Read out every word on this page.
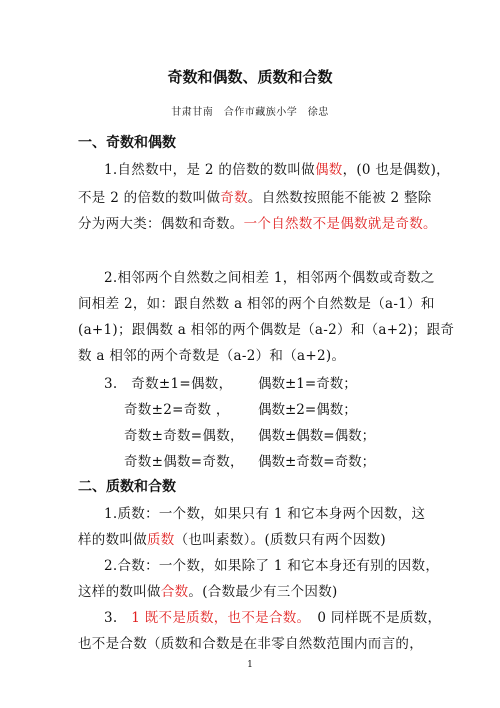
奇数和偶数、质数和合数
甘肃甘南　合作市藏族小学　徐忠
一、奇数和偶数
1.自然数中，是 2 的倍数的数叫做偶数，(0 也是偶数)，
不是 2 的倍数的数叫做奇数。自然数按照能不能被 2 整除
分为两大类：偶数和奇数。一个自然数不是偶数就是奇数。
2.相邻两个自然数之间相差 1，相邻两个偶数或奇数之
间相差 2，如：跟自然数 a 相邻的两个自然数是（a-1）和
(a+1)；跟偶数 a 相邻的两个偶数是（a-2）和（a+2)；跟奇
数 a 相邻的两个奇数是（a-2）和（a+2)。
3.　奇数±1=偶数， 偶数±1=奇数；
奇数±2=奇数 ， 偶数±2=偶数；
奇数±奇数=偶数， 偶数±偶数=偶数；
奇数±偶数=奇数， 偶数±奇数=奇数；
二、质数和合数
1.质数：一个数，如果只有 1 和它本身两个因数，这
样的数叫做质数（也叫素数）。(质数只有两个因数)
2.合数：一个数，如果除了 1 和它本身还有别的因数，
这样的数叫做合数。(合数最少有三个因数)
3.　1 既不是质数，也不是合数。　0 同样既不是质数，
也不是合数（质数和合数是在非零自然数范围内而言的，
1
